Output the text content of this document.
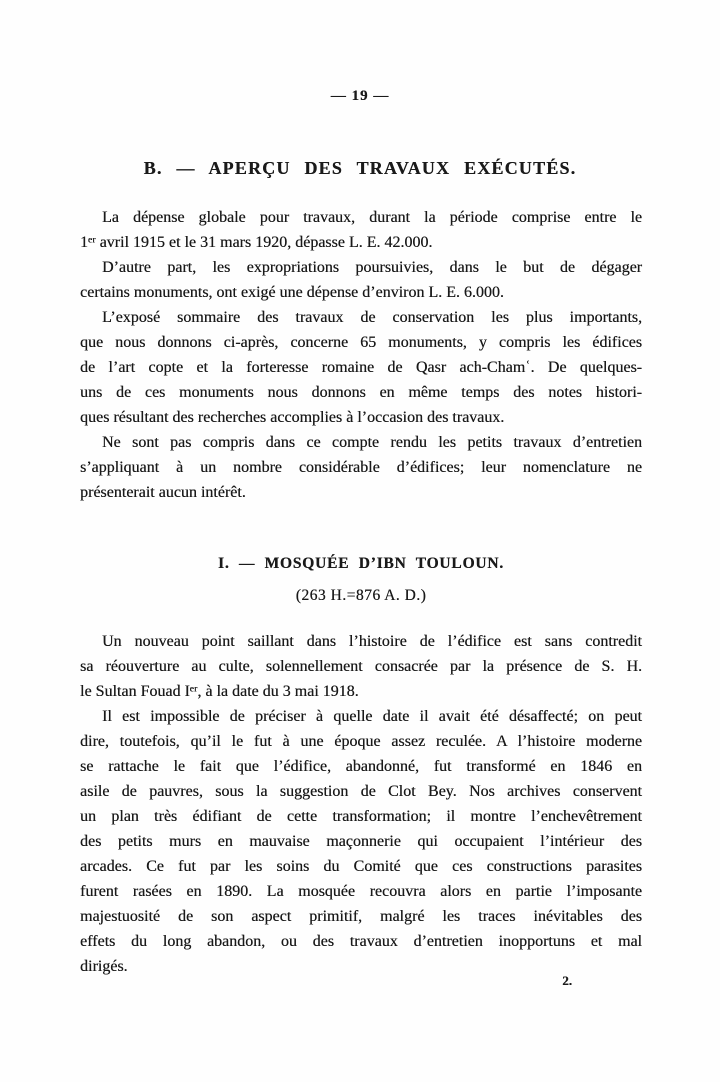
— 19 —
B. — APERÇU DES TRAVAUX EXÉCUTÉS.
La dépense globale pour travaux, durant la période comprise entre le
1ᵉʳ avril 1915 et le 31 mars 1920, dépasse L. E. 42.000.
D’autre part, les expropriations poursuivies, dans le but de dégager
certains monuments, ont exigé une dépense d’environ L. E. 6.000.
L’exposé sommaire des travaux de conservation les plus importants,
que nous donnons ci-après, concerne 65 monuments, y compris les édifices
de l’art copte et la forteresse romaine de Qasr ach-Chamʿ. De quelques-
uns de ces monuments nous donnons en même temps des notes histori-
ques résultant des recherches accomplies à l’occasion des travaux.
Ne sont pas compris dans ce compte rendu les petits travaux d’entretien
s’appliquant à un nombre considérable d’édifices; leur nomenclature ne
présenterait aucun intérêt.
I. — MOSQUÉE D’IBN TOULOUN.
(263 H.=876 A. D.)
Un nouveau point saillant dans l’histoire de l’édifice est sans contredit
sa réouverture au culte, solennellement consacrée par la présence de S. H.
le Sultan Fouad Iᵉʳ, à la date du 3 mai 1918.
Il est impossible de préciser à quelle date il avait été désaffecté; on peut
dire, toutefois, qu’il le fut à une époque assez reculée. A l’histoire moderne
se rattache le fait que l’édifice, abandonné, fut transformé en 1846 en
asile de pauvres, sous la suggestion de Clot Bey. Nos archives conservent
un plan très édifiant de cette transformation; il montre l’enchevêtrement
des petits murs en mauvaise maçonnerie qui occupaient l’intérieur des
arcades. Ce fut par les soins du Comité que ces constructions parasites
furent rasées en 1890. La mosquée recouvra alors en partie l’imposante
majestuosité de son aspect primitif, malgré les traces inévitables des
effets du long abandon, ou des travaux d’entretien inopportuns et mal
dirigés.
2.
